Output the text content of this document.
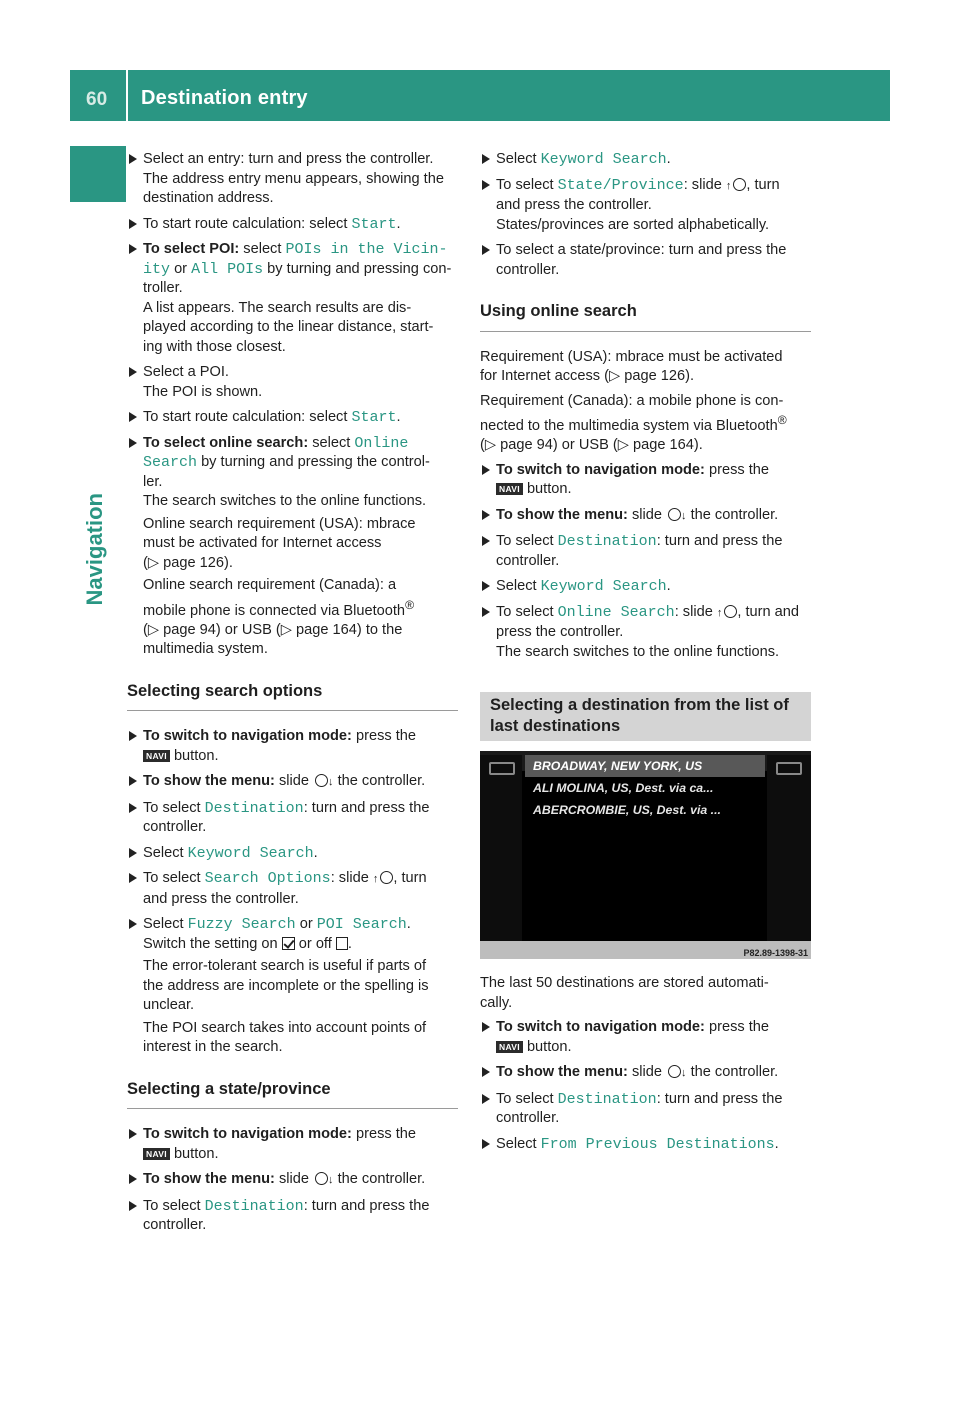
60 Destination entry
Navigation
Select an entry: turn and press the controller.
The address entry menu appears, showing the
destination address.
To start route calculation: select Start.
To select POI: select POIs in the Vicin‐
ity or All POIs by turning and pressing con-
troller.
A list appears. The search results are dis-
played according to the linear distance, start-
ing with those closest.
Select a POI.
The POI is shown.
To start route calculation: select Start.
To select online search: select Online
Search by turning and pressing the control-
ler.
The search switches to the online functions.
Online search requirement (USA): mbrace
must be activated for Internet access
(▷ page 126).
Online search requirement (Canada): a
mobile phone is connected via Bluetooth®
(▷ page 94) or USB (▷ page 164) to the
multimedia system.
Selecting search options
To switch to navigation mode: press the
NAVI button.
To show the menu: slide ↓ the controller.
To select Destination: turn and press the
controller.
Select Keyword Search.
To select Search Options: slide ↑ , turn
and press the controller.
Select Fuzzy Search or POI Search.
Switch the setting on  or off .
The error-tolerant search is useful if parts of
the address are incomplete or the spelling is
unclear.
The POI search takes into account points of
interest in the search.
Selecting a state/province
To switch to navigation mode: press the
NAVI button.
To show the menu: slide ↓ the controller.
To select Destination: turn and press the
controller.
Select Keyword Search.
To select State/Province: slide ↑ , turn
and press the controller.
States/provinces are sorted alphabetically.
To select a state/province: turn and press the
controller.
Using online search
Requirement (USA): mbrace must be activated
for Internet access (▷ page 126).
Requirement (Canada): a mobile phone is con-
nected to the multimedia system via Bluetooth®
(▷ page 94) or USB (▷ page 164).
To switch to navigation mode: press the
NAVI button.
To show the menu: slide ↓ the controller.
To select Destination: turn and press the
controller.
Select Keyword Search.
To select Online Search: slide ↑ , turn and
press the controller.
The search switches to the online functions.
Selecting a destination from the list of
last destinations
BROADWAY, NEW YORK, US
ALI MOLINA, US, Dest. via ca...
ABERCROMBIE, US, Dest. via ...
P82.89-1398-31
The last 50 destinations are stored automati-
cally.
To switch to navigation mode: press the
NAVI button.
To show the menu: slide ↓ the controller.
To select Destination: turn and press the
controller.
Select From Previous Destinations.
